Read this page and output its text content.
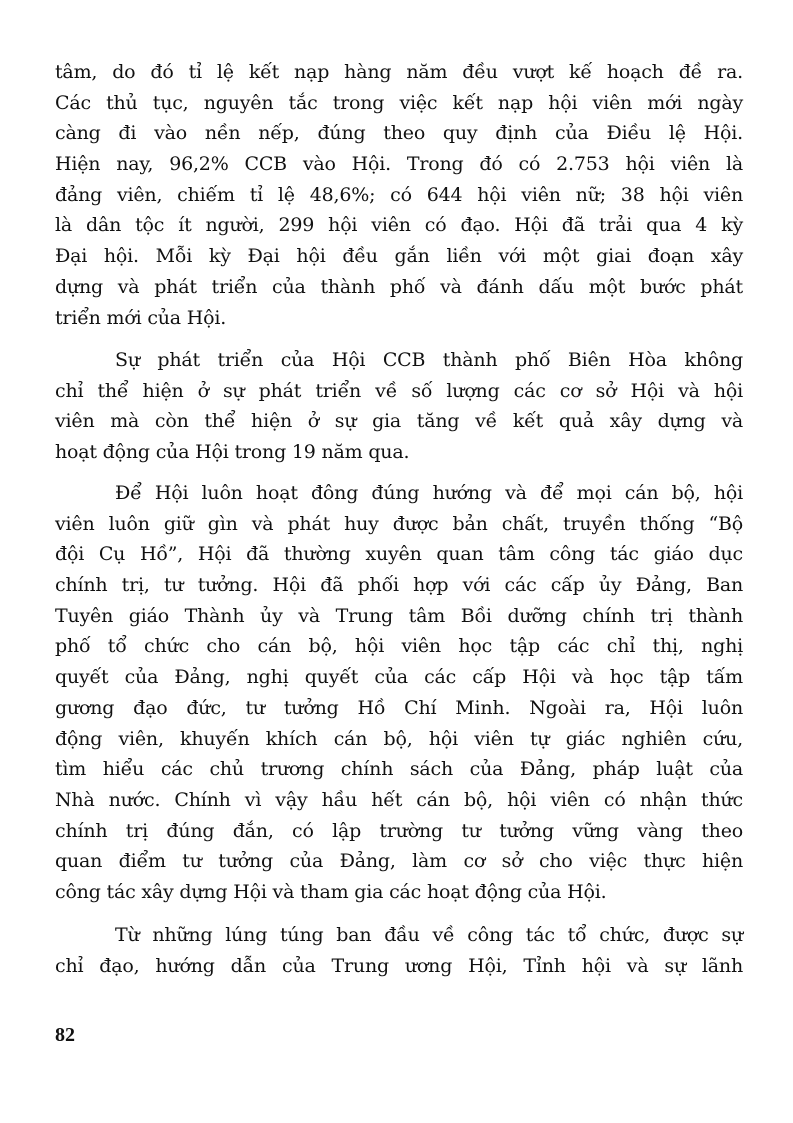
tâm, do đó tỉ lệ kết nạp hàng năm đều vượt kế hoạch đề ra.
Các thủ tục, nguyên tắc trong việc kết nạp hội viên mới ngày
càng đi vào nền nếp, đúng theo quy định của Điều lệ Hội.
Hiện nay, 96,2% CCB vào Hội. Trong đó có 2.753 hội viên là
đảng viên, chiếm tỉ lệ 48,6%; có 644 hội viên nữ; 38 hội viên
là dân tộc ít người, 299 hội viên có đạo. Hội đã trải qua 4 kỳ
Đại hội. Mỗi kỳ Đại hội đều gắn liền với một giai đoạn xây
dựng và phát triển của thành phố và đánh dấu một bước phát
triển mới của Hội.
Sự phát triển của Hội CCB thành phố Biên Hòa không
chỉ thể hiện ở sự phát triển về số lượng các cơ sở Hội và hội
viên mà còn thể hiện ở sự gia tăng về kết quả xây dựng và
hoạt động của Hội trong 19 năm qua.
Để Hội luôn hoạt đông đúng hướng và để mọi cán bộ, hội
viên luôn giữ gìn và phát huy được bản chất, truyền thống “Bộ
đội Cụ Hồ”, Hội đã thường xuyên quan tâm công tác giáo dục
chính trị, tư tưởng. Hội đã phối hợp với các cấp ủy Đảng, Ban
Tuyên giáo Thành ủy và Trung tâm Bồi dưỡng chính trị thành
phố tổ chức cho cán bộ, hội viên học tập các chỉ thị, nghị
quyết của Đảng, nghị quyết của các cấp Hội và học tập tấm
gương đạo đức, tư tưởng Hồ Chí Minh. Ngoài ra, Hội luôn
động viên, khuyến khích cán bộ, hội viên tự giác nghiên cứu,
tìm hiểu các chủ trương chính sách của Đảng, pháp luật của
Nhà nước. Chính vì vậy hầu hết cán bộ, hội viên có nhận thức
chính trị đúng đắn, có lập trường tư tưởng vững vàng theo
quan điểm tư tưởng của Đảng, làm cơ sở cho việc thực hiện
công tác xây dựng Hội và tham gia các hoạt động của Hội.
Từ những lúng túng ban đầu về công tác tổ chức, được sự
chỉ đạo, hướng dẫn của Trung ương Hội, Tỉnh hội và sự lãnh
82
